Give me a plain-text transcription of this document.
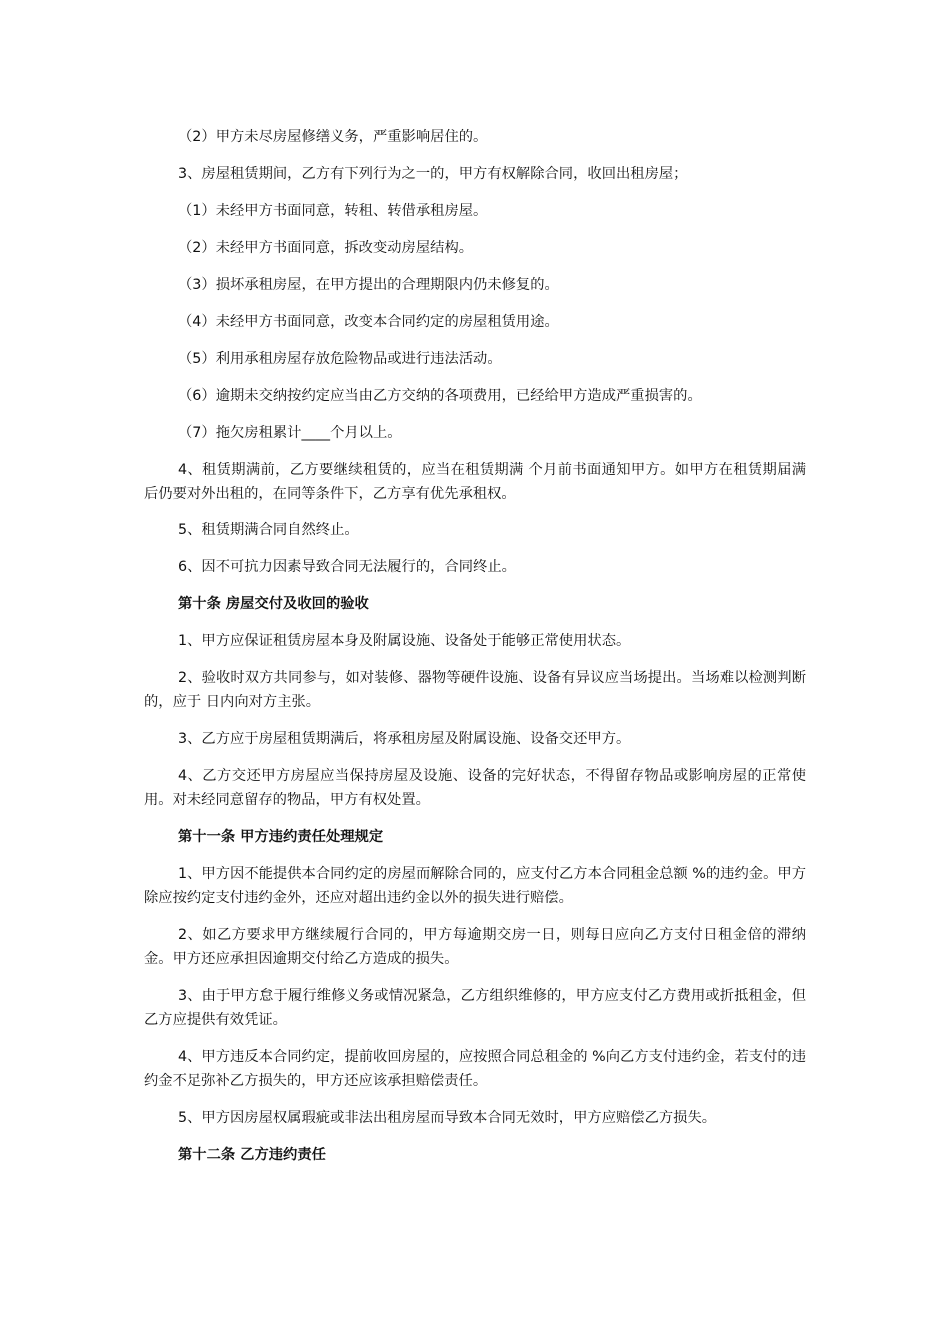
（2）甲方未尽房屋修缮义务，严重影响居住的。

3、房屋租赁期间，乙方有下列行为之一的，甲方有权解除合同，收回出租房屋；

（1）未经甲方书面同意，转租、转借承租房屋。

（2）未经甲方书面同意，拆改变动房屋结构。

（3）损坏承租房屋，在甲方提出的合理期限内仍未修复的。

（4）未经甲方书面同意，改变本合同约定的房屋租赁用途。

（5）利用承租房屋存放危险物品或进行违法活动。

（6）逾期未交纳按约定应当由乙方交纳的各项费用，已经给甲方造成严重损害的。

（7）拖欠房租累计____个月以上。

4、租赁期满前，乙方要继续租赁的，应当在租赁期满 个月前书面通知甲方。如甲方在租赁期届满后仍要对外出租的，在同等条件下，乙方享有优先承租权。

5、租赁期满合同自然终止。

6、因不可抗力因素导致合同无法履行的，合同终止。

第十条 房屋交付及收回的验收

1、甲方应保证租赁房屋本身及附属设施、设备处于能够正常使用状态。

2、验收时双方共同参与，如对装修、器物等硬件设施、设备有异议应当场提出。当场难以检测判断的，应于 日内向对方主张。

3、乙方应于房屋租赁期满后，将承租房屋及附属设施、设备交还甲方。

4、乙方交还甲方房屋应当保持房屋及设施、设备的完好状态，不得留存物品或影响房屋的正常使用。对未经同意留存的物品，甲方有权处置。

第十一条 甲方违约责任处理规定

1、甲方因不能提供本合同约定的房屋而解除合同的，应支付乙方本合同租金总额 %的违约金。甲方除应按约定支付违约金外，还应对超出违约金以外的损失进行赔偿。

2、如乙方要求甲方继续履行合同的，甲方每逾期交房一日，则每日应向乙方支付日租金倍的滞纳金。甲方还应承担因逾期交付给乙方造成的损失。

3、由于甲方怠于履行维修义务或情况紧急，乙方组织维修的，甲方应支付乙方费用或折抵租金，但乙方应提供有效凭证。

4、甲方违反本合同约定，提前收回房屋的，应按照合同总租金的 %向乙方支付违约金，若支付的违约金不足弥补乙方损失的，甲方还应该承担赔偿责任。

5、甲方因房屋权属瑕疵或非法出租房屋而导致本合同无效时，甲方应赔偿乙方损失。

第十二条 乙方违约责任
